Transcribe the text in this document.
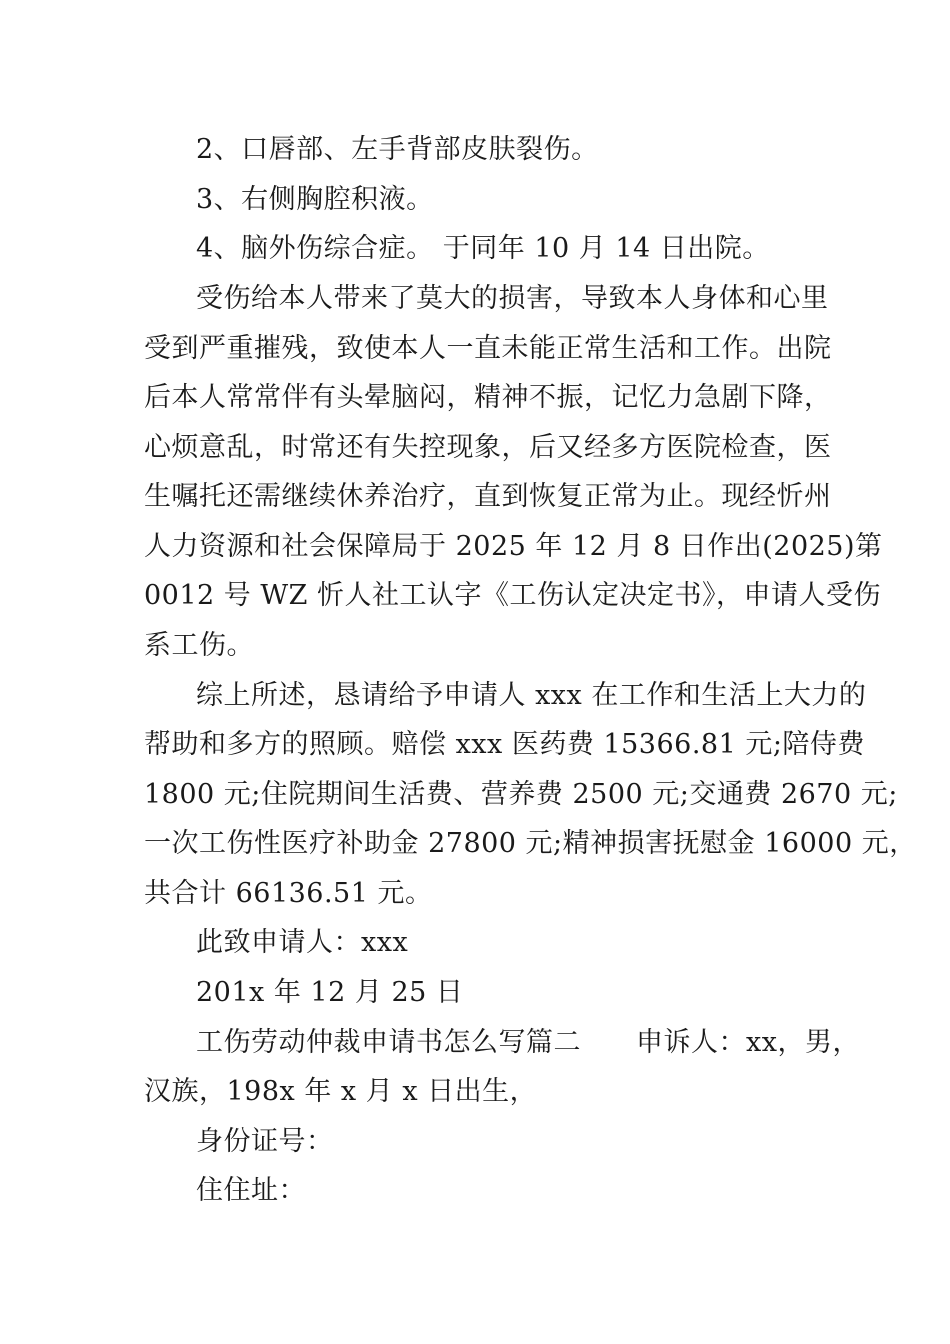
2、口唇部、左手背部皮肤裂伤。
3、右侧胸腔积液。
4、脑外伤综合症。 于同年 10 月 14 日出院。
受伤给本人带来了莫大的损害，导致本人身体和心里
受到严重摧残，致使本人一直未能正常生活和工作。出院
后本人常常伴有头晕脑闷，精神不振，记忆力急剧下降，
心烦意乱，时常还有失控现象，后又经多方医院检查，医
生嘱托还需继续休养治疗，直到恢复正常为止。现经忻州
人力资源和社会保障局于 2025 年 12 月 8 日作出(2025)第
0012 号 WZ 忻人社工认字《工伤认定决定书》，申请人受伤
系工伤。
综上所述，恳请给予申请人 xxx 在工作和生活上大力的
帮助和多方的照顾。赔偿 xxx 医药费 15366.81 元;陪侍费
1800 元;住院期间生活费、营养费 2500 元;交通费 2670 元;
一次工伤性医疗补助金 27800 元;精神损害抚慰金 16000 元，
共合计 66136.51 元。
此致申请人：xxx
201x 年 12 月 25 日
工伤劳动仲裁申请书怎么写篇二　　申诉人：xx，男，
汉族，198x 年 x 月 x 日出生，
身份证号：
住住址：
